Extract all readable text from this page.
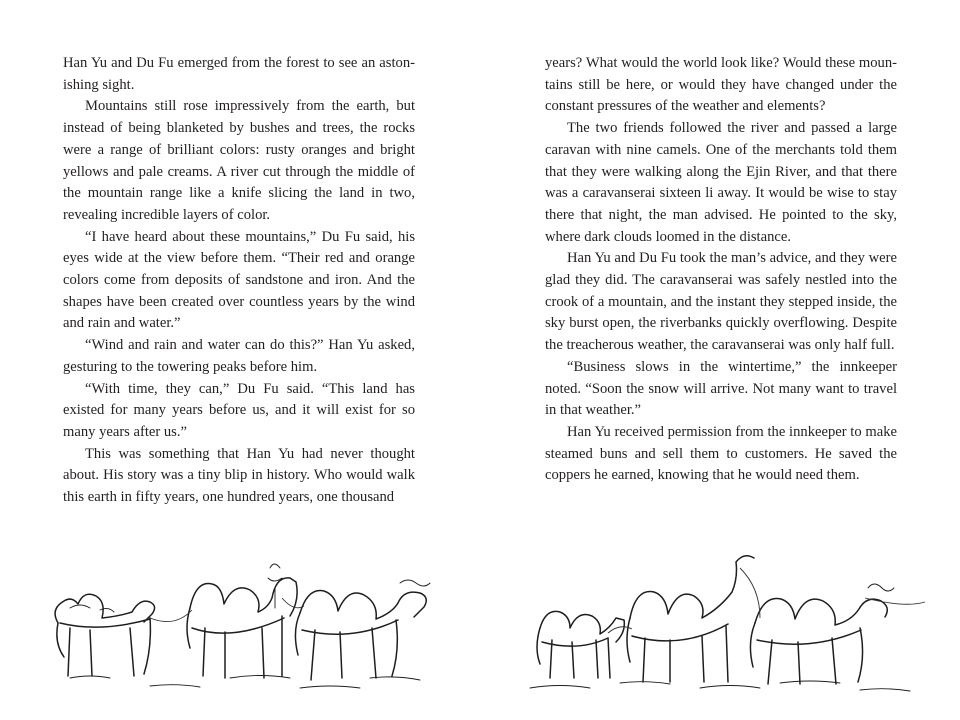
Han Yu and Du Fu emerged from the forest to see an astonishing sight.

Mountains still rose impressively from the earth, but instead of being blanketed by bushes and trees, the rocks were a range of brilliant colors: rusty oranges and bright yellows and pale creams. A river cut through the middle of the mountain range like a knife slicing the land in two, revealing incredible layers of color.

“I have heard about these mountains,” Du Fu said, his eyes wide at the view before them. “Their red and orange colors come from deposits of sandstone and iron. And the shapes have been created over countless years by the wind and rain and water.”

“Wind and rain and water can do this?” Han Yu asked, gesturing to the towering peaks before him.

“With time, they can,” Du Fu said. “This land has existed for many years before us, and it will exist for so many years after us.”

This was something that Han Yu had never thought about. His story was a tiny blip in history. Who would walk this earth in fifty years, one hundred years, one thousand

years? What would the world look like? Would these mountains still be here, or would they have changed under the constant pressures of the weather and elements?

The two friends followed the river and passed a large caravan with nine camels. One of the merchants told them that they were walking along the Ejin River, and that there was a caravanserai sixteen li away. It would be wise to stay there that night, the man advised. He pointed to the sky, where dark clouds loomed in the distance.

Han Yu and Du Fu took the man’s advice, and they were glad they did. The caravanserai was safely nestled into the crook of a mountain, and the instant they stepped inside, the sky burst open, the riverbanks quickly overflowing. Despite the treacherous weather, the caravanserai was only half full.

“Business slows in the wintertime,” the innkeeper noted. “Soon the snow will arrive. Not many want to travel in that weather.”

Han Yu received permission from the innkeeper to make steamed buns and sell them to customers. He saved the coppers he earned, knowing that he would need them.
